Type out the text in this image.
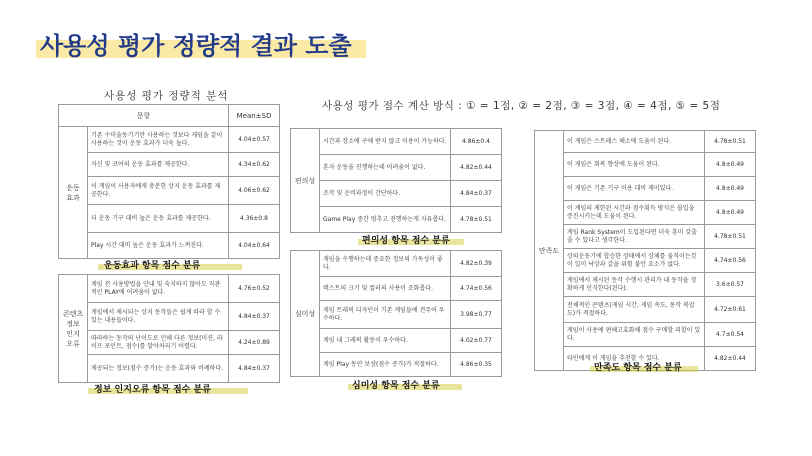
사용성 평가 정량적 결과 도출
사용성 평가 점수 계산 방식 : ① = 1점, ② = 2점, ③ = 3점, ④ = 4점, ⑤ = 5점
사용성 평가 정량적 분석
문항		Mean±SD
운동
효과	기존 수미술동기기만 사용하는 것보다 게임을 같이 사용하는 것이 운동 효과가 더욱 높다.	4.04±0.57
	자신 및 코어의 운동 효과를 제공한다.	4.34±0.62
	이 게임이 사용자에게 충분한 상지 운동 효과를 제공한다.	4.06±0.62
	더 운동 기구 대비 높은 운동 효과를 제공한다.	4.36±0.8
	Play 시간 대비 높은 운동 효과가 느껴진다.	4.04±0.64
운동효과 항목 점수 분류
콘텐츠
정보
인지
오류	게임 전 사용방법을 안내 및 숙지하지 않아도 직관적인 PLAY에 어려움이 없다.	4.76±0.52
	게임에서 제시되는 상지 동작들은 쉽게 따라 할 수 있는 내용들이다.	4.84±0.37
	따라하는 동작의 난이도로 인해 다른 정보(미션, 라이프 포인트, 점수)를 알아차리기 어렵다.	4.24±0.89
	제공되는 정보(점수 증가)는 운동 효과와 비례하다.	4.84±0.37
정보 인지오류 항목 점수 분류
편의성	시간과 장소에 구애 받지 않고 이용이 가능하다.	4.86±0.4
	혼자 운동을 진행하는데 어려움이 없다.	4.82±0.44
	조작 및 운비과정이 간단하다.	4.84±0.37
	Game Play 중간 멈추고 진행하는게 자유롭다.	4.78±0.51
편의성 항목 점수 분류
심미성	게임을 수행하는데 중요한 정보의 가독성이 좋다.	4.82±0.39
	텍스트의 크기 및 컬러의 사용이 조화롭다.	4.74±0.56
	게임 트래픽 디자인이 기존 게임들에 견주어 우수하다.	3.98±0.77
	게임 내 그래픽 활동이 우수하다.	4.02±0.77
	게임 Play 동안 보상(점수 증가)가 적절하다.	4.86±0.35
심미성 항목 점수 분류
만족도	이 게임은 스트레스 해소에 도움이 된다.	4.78±0.51
	이 게임은 회복 향상에 도움이 된다.	4.8±0.49
	이 게임은 기존 기구 이용 대비 재미있다.	4.8±0.49
	이 게임의 제한된 시간과 점수획득 방식은 몰입을 증진시키는데 도움이 된다.	4.8±0.49
	게임 Rank System이 도입된다면 더욱 흥미 갖출 줄 수 있다고 생각한다.	4.78±0.51
	상의운동기에 합승한 상태에서 상체를 움직이는것이 일이 낙상과 같을 위험 불안 요소가 없다.	4.74±0.56
	게임에서 제시된 동작 수행시 관리가 내 동작을 정확하게 인식한다(된다).	3.6±0.57
	전체적인 콘텐츠(게임 시간, 게임 속도, 동작 복잡도)가 적절하다.	4.72±0.61
	게임이 사용에 편해고효화해 점수 구매할 피할이 있다.	4.7±0.54
	타인에게 이 게임을 추천할 수 있다.	4.82±0.44
만족도 항목 점수 분류
